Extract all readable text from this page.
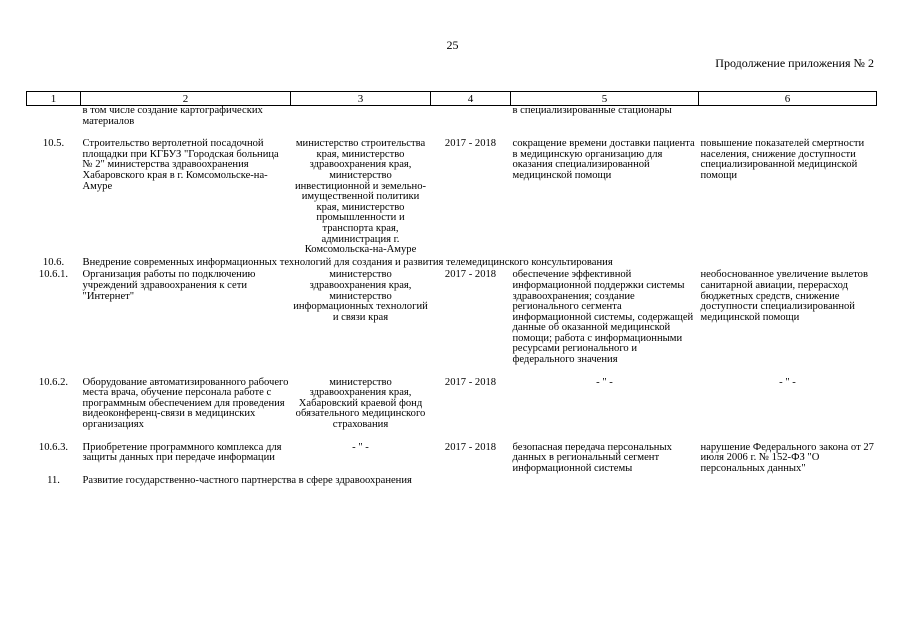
25
Продолжение приложения № 2
1	2	3	4	5	6
	в том числе создание картографических материалов			в специализированные стационары	

10.5.	Строительство вертолетной посадочной площадки при КГБУЗ "Городская больница № 2" министерства здравоохранения Хабаровского края в г. Комсомольске-на-Амуре	министерство строительства края, министерство здравоохранения края, министерство инвестиционной и земельно-имущественной политики края, министерство промышленности и транспорта края, администрация г. Комсомольска-на-Амуре	2017 - 2018	сокращение времени доставки пациента в медицинскую организацию для оказания специализированной медицинской помощи	повышение показателей смертности населения, снижение доступности специализированной медицинской помощи
10.6.	Внедрение современных информационных технологий для создания и развития телемедицинского консультирования				
10.6.1.	Организация работы по подключению учреждений здравоохранения к сети "Интернет"	министерство здравоохранения края, министерство информационных технологий и связи края	2017 - 2018	обеспечение эффективной информационной поддержки системы здравоохранения; создание регионального сегмента информационной системы, содержащей данные об оказанной медицинской помощи; работа с информационными ресурсами регионального и федерального значения	необоснованное увеличение вылетов санитарной авиации, перерасход бюджетных средств, снижение доступности специализированной медицинской помощи

10.6.2.	Оборудование автоматизированного рабочего места врача, обучение персонала работе с программным обеспечением для проведения видеоконференц-связи в медицинских организациях	министерство здравоохранения края, Хабаровский краевой фонд обязательного медицинского страхования	2017 - 2018	- " -	- " -

10.6.3.	Приобретение программного комплекса для защиты данных при передаче информации	- " -	2017 - 2018	безопасная передача персональных данных в региональный сегмент информационной системы	нарушение Федерального закона от 27 июля 2006 г. № 152-ФЗ "О персональных данных"
11.	Развитие государственно-частного партнерства в сфере здравоохранения				
